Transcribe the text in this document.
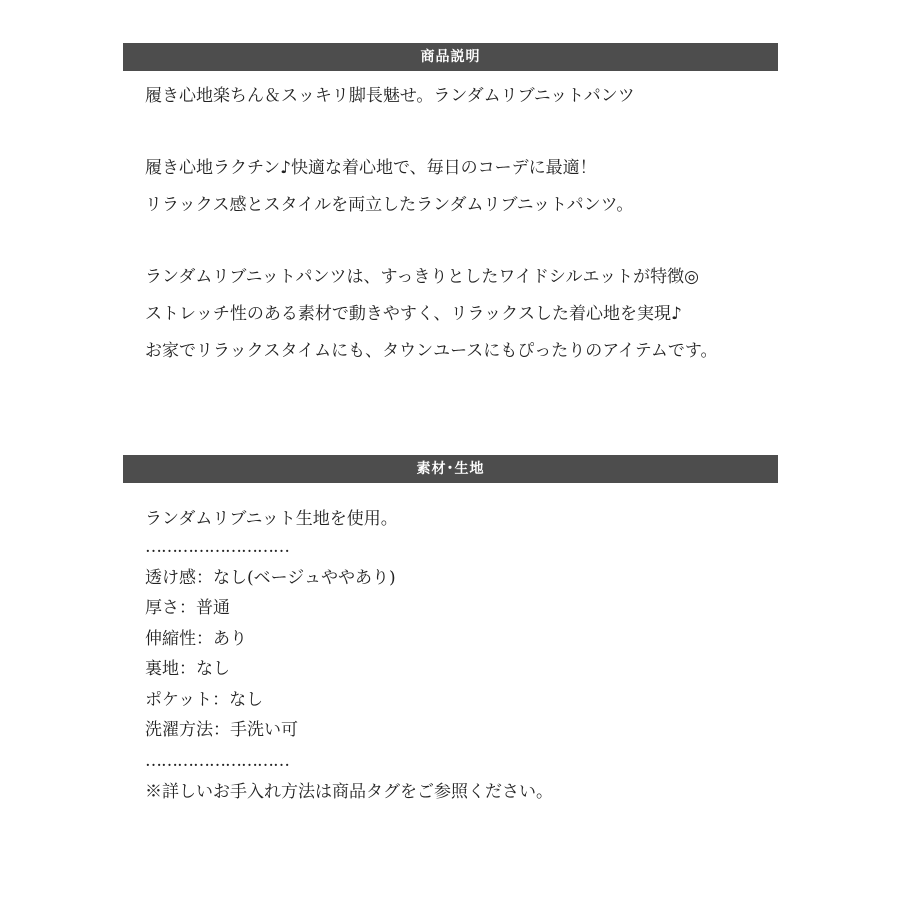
商品説明
履き心地楽ちん＆スッキリ脚長魅せ。ランダムリブニットパンツ
履き心地ラクチン♪快適な着心地で、毎日のコーデに最適！
リラックス感とスタイルを両立したランダムリブニットパンツ。
ランダムリブニットパンツは、すっきりとしたワイドシルエットが特徴◎
ストレッチ性のある素材で動きやすく、リラックスした着心地を実現♪
お家でリラックスタイムにも、タウンユースにもぴったりのアイテムです。
素材･生地
ランダムリブニット生地を使用。
………………………
透け感：なし(ベージュややあり)
厚さ：普通
伸縮性：あり
裏地：なし
ポケット：なし
洗濯方法：手洗い可
………………………
※詳しいお手入れ方法は商品タグをご参照ください。
